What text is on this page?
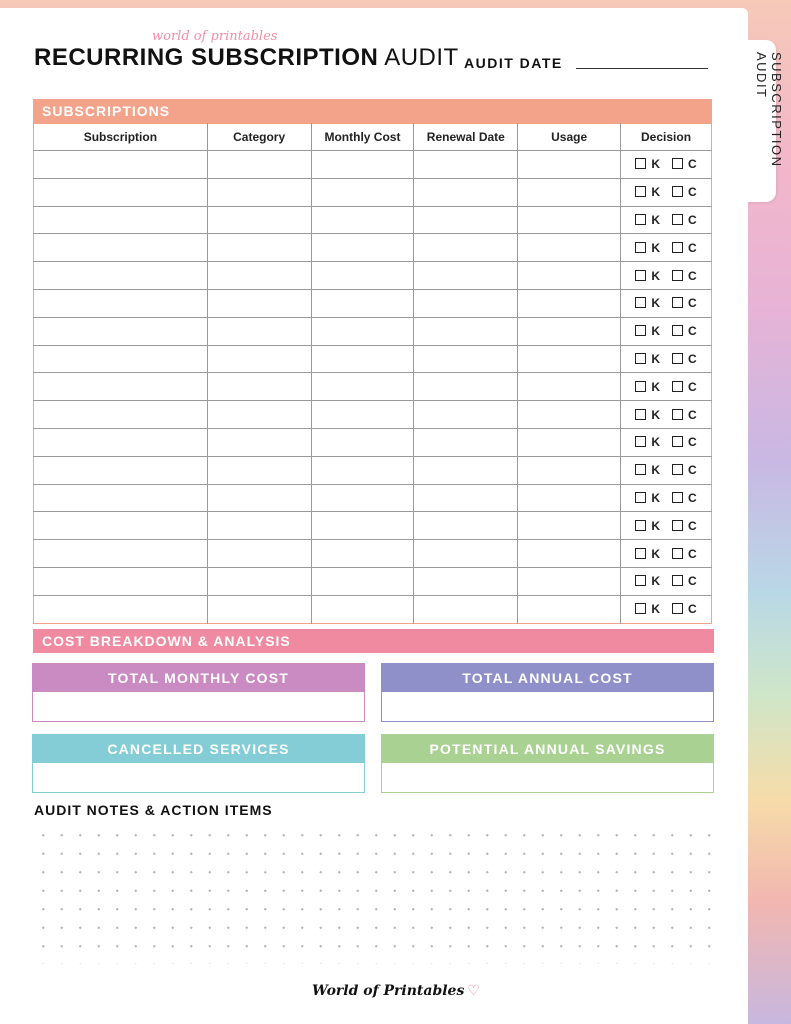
SUBSCRIPTION AUDIT
world of printables
RECURRING SUBSCRIPTION AUDIT AUDIT DATE
SUBSCRIPTIONS
Subscription	Category	Monthly Cost	Renewal Date	Usage	Decision
					K C
					K C
					K C
					K C
					K C
					K C
					K C
					K C
					K C
					K C
					K C
					K C
					K C
					K C
					K C
					K C
					K C
COST BREAKDOWN & ANALYSIS
TOTAL MONTHLY COST	TOTAL ANNUAL COST
CANCELLED SERVICES	POTENTIAL ANNUAL SAVINGS
AUDIT NOTES & ACTION ITEMS
World of Printables ♡
